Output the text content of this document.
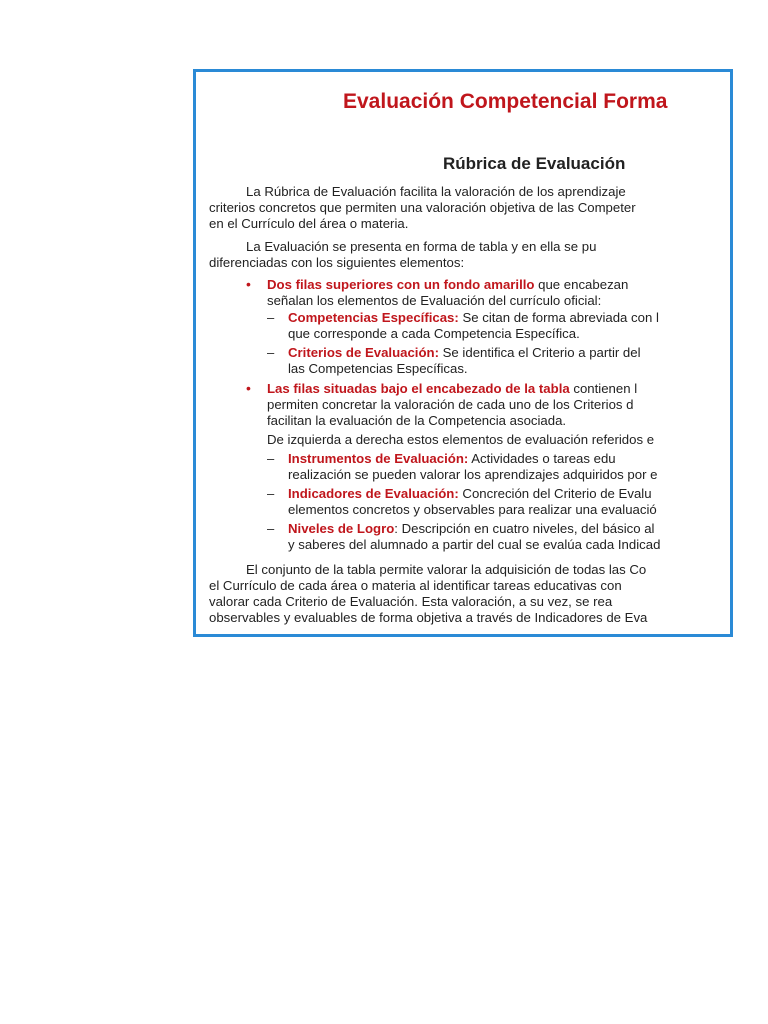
Evaluación Competencial Forma
Rúbrica de Evaluación
La Rúbrica de Evaluación facilita la valoración de los aprendizaje
criterios concretos que permiten una valoración objetiva de las Competer
en el Currículo del área o materia.
La Evaluación se presenta en forma de tabla y en ella se pu
diferenciadas con los siguientes elementos:
• Dos filas superiores con un fondo amarillo que encabezan
señalan los elementos de Evaluación del currículo oficial:
– Competencias Específicas: Se citan de forma abreviada con l
que corresponde a cada Competencia Específica.
– Criterios de Evaluación: Se identifica el Criterio a partir del
las Competencias Específicas.
• Las filas situadas bajo el encabezado de la tabla contienen l
permiten concretar la valoración de cada uno de los Criterios d
facilitan la evaluación de la Competencia asociada.
De izquierda a derecha estos elementos de evaluación referidos e
– Instrumentos de Evaluación: Actividades o tareas edu
realización se pueden valorar los aprendizajes adquiridos por e
– Indicadores de Evaluación: Concreción del Criterio de Evalu
elementos concretos y observables para realizar una evaluació
– Niveles de Logro: Descripción en cuatro niveles, del básico al
y saberes del alumnado a partir del cual se evalúa cada Indicad
El conjunto de la tabla permite valorar la adquisición de todas las Co
el Currículo de cada área o materia al identificar tareas educativas con
valorar cada Criterio de Evaluación. Esta valoración, a su vez, se rea
observables y evaluables de forma objetiva a través de Indicadores de Eva
